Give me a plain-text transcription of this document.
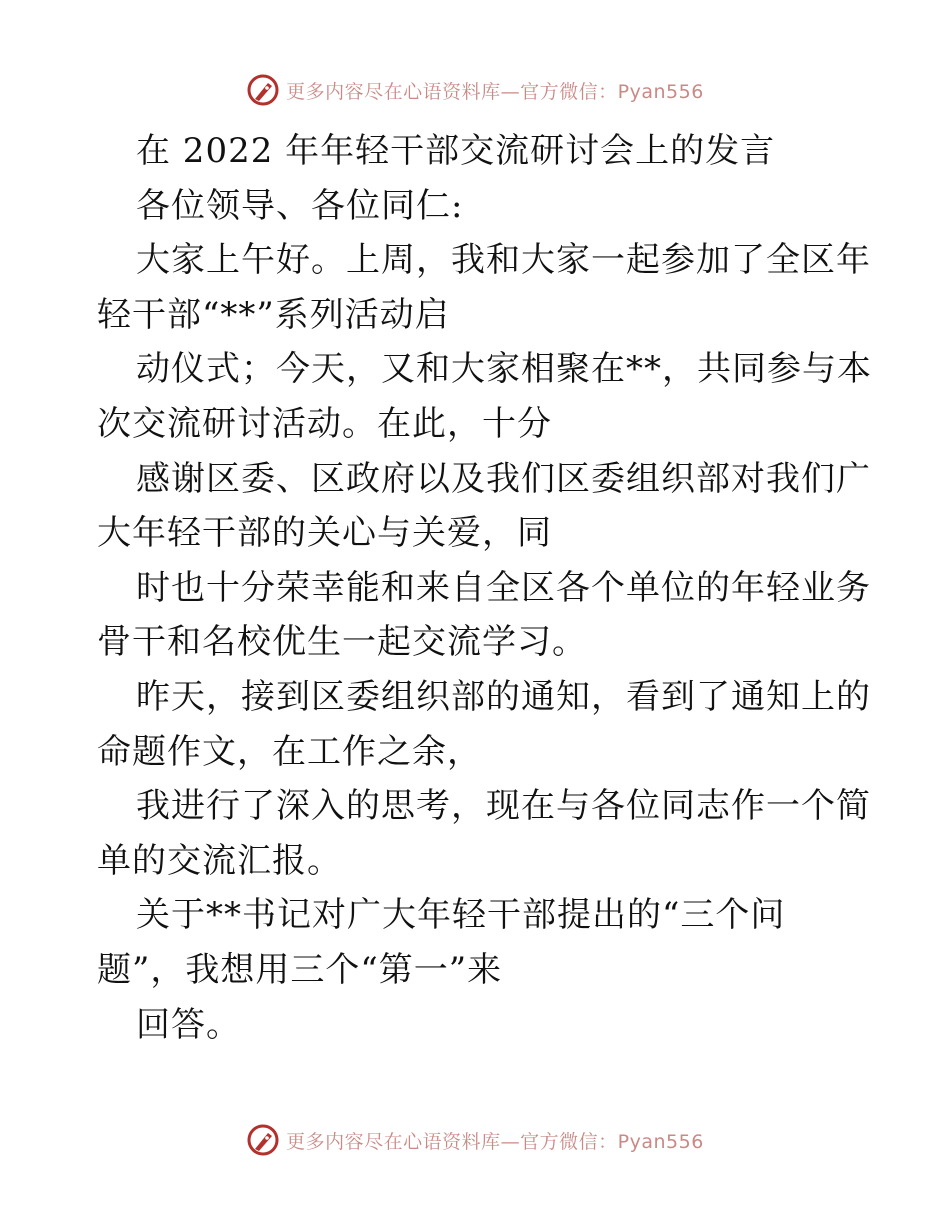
更多内容尽在心语资料库—官方微信：Pyan556
在 2022 年年轻干部交流研讨会上的发言
各位领导、各位同仁:
大家上午好。上周，我和大家一起参加了全区年
轻干部“**”系列活动启
动仪式；今天，又和大家相聚在**，共同参与本
次交流研讨活动。在此，十分
感谢区委、区政府以及我们区委组织部对我们广
大年轻干部的关心与关爱，同
时也十分荣幸能和来自全区各个单位的年轻业务
骨干和名校优生一起交流学习。
昨天，接到区委组织部的通知，看到了通知上的
命题作文，在工作之余，
我进行了深入的思考，现在与各位同志作一个简
单的交流汇报。
关于**书记对广大年轻干部提出的“三个问
题”，我想用三个“第一”来
回答。
更多内容尽在心语资料库—官方微信：Pyan556
